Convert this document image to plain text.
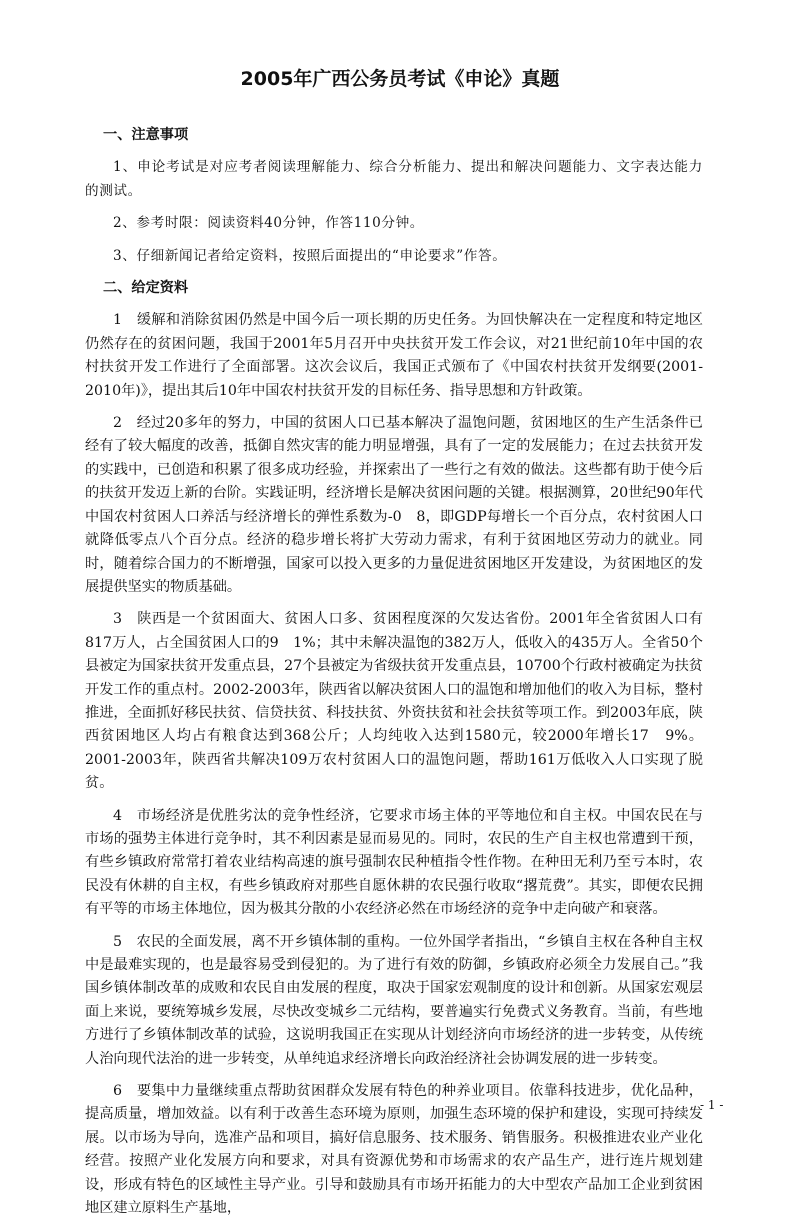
2005年广西公务员考试《申论》真题
一、注意事项

1、申论考试是对应考者阅读理解能力、综合分析能力、提出和解决问题能力、文字表达能力的测试。

2、参考时限：阅读资料40分钟，作答110分钟。

3、仔细新闻记者给定资料，按照后面提出的“申论要求”作答。

二、给定资料

1　缓解和消除贫困仍然是中国今后一项长期的历史任务。为回快解决在一定程度和特定地区仍然存在的贫困问题，我国于2001年5月召开中央扶贫开发工作会议，对21世纪前10年中国的农村扶贫开发工作进行了全面部署。这次会议后，我国正式颁布了《中国农村扶贫开发纲要(2001-2010年)》，提出其后10年中国农村扶贫开发的目标任务、指导思想和方针政策。

2　经过20多年的努力，中国的贫困人口已基本解决了温饱问题，贫困地区的生产生活条件已经有了较大幅度的改善，抵御自然灾害的能力明显增强，具有了一定的发展能力；在过去扶贫开发的实践中，已创造和积累了很多成功经验，并探索出了一些行之有效的做法。这些都有助于使今后的扶贫开发迈上新的台阶。实践证明，经济增长是解决贫困问题的关键。根据测算，20世纪90年代中国农村贫困人口养活与经济增长的弹性系数为-0　8，即GDP每增长一个百分点，农村贫困人口就降低零点八个百分点。经济的稳步增长将扩大劳动力需求，有利于贫困地区劳动力的就业。同时，随着综合国力的不断增强，国家可以投入更多的力量促进贫困地区开发建设，为贫困地区的发展提供坚实的物质基础。

3　陕西是一个贫困面大、贫困人口多、贫困程度深的欠发达省份。2001年全省贫困人口有817万人，占全国贫困人口的9　1%；其中未解决温饱的382万人，低收入的435万人。全省50个县被定为国家扶贫开发重点县，27个县被定为省级扶贫开发重点县，10700个行政村被确定为扶贫开发工作的重点村。2002-2003年，陕西省以解决贫困人口的温饱和增加他们的收入为目标，整村推进，全面抓好移民扶贫、信贷扶贫、科技扶贫、外资扶贫和社会扶贫等项工作。到2003年底，陕西贫困地区人均占有粮食达到368公斤；人均纯收入达到1580元，较2000年增长17　9%。2001-2003年，陕西省共解决109万农村贫困人口的温饱问题，帮助161万低收入人口实现了脱贫。

4　市场经济是优胜劣汰的竞争性经济，它要求市场主体的平等地位和自主权。中国农民在与市场的强势主体进行竞争时，其不利因素是显而易见的。同时，农民的生产自主权也常遭到干预，有些乡镇政府常常打着农业结构高速的旗号强制农民种植指令性作物。在种田无利乃至亏本时，农民没有休耕的自主权，有些乡镇政府对那些自愿休耕的农民强行收取“撂荒费”。其实，即便农民拥有平等的市场主体地位，因为极其分散的小农经济必然在市场经济的竞争中走向破产和衰落。

5　农民的全面发展，离不开乡镇体制的重构。一位外国学者指出，“乡镇自主权在各种自主权中是最难实现的，也是最容易受到侵犯的。为了进行有效的防御，乡镇政府必须全力发展自己。”我国乡镇体制改革的成败和农民自由发展的程度，取决于国家宏观制度的设计和创新。从国家宏观层面上来说，要统筹城乡发展，尽快改变城乡二元结构，要普遍实行免费式义务教育。当前，有些地方进行了乡镇体制改革的试验，这说明我国正在实现从计划经济向市场经济的进一步转变，从传统人治向现代法治的进一步转变，从单纯追求经济增长向政治经济社会协调发展的进一步转变。

6　要集中力量继续重点帮助贫困群众发展有特色的种养业项目。依靠科技进步，优化品种，提高质量，增加效益。以有利于改善生态环境为原则，加强生态环境的保护和建设，实现可持续发展。以市场为导向，选准产品和项目，搞好信息服务、技术服务、销售服务。积极推进农业产业化经营。按照产业化发展方向和要求，对具有资源优势和市场需求的农产品生产，进行连片规划建设，形成有特色的区域性主导产业。引导和鼓励具有市场开拓能力的大中型农产品加工企业到贫困地区建立原料生产基地，

- 1 -
